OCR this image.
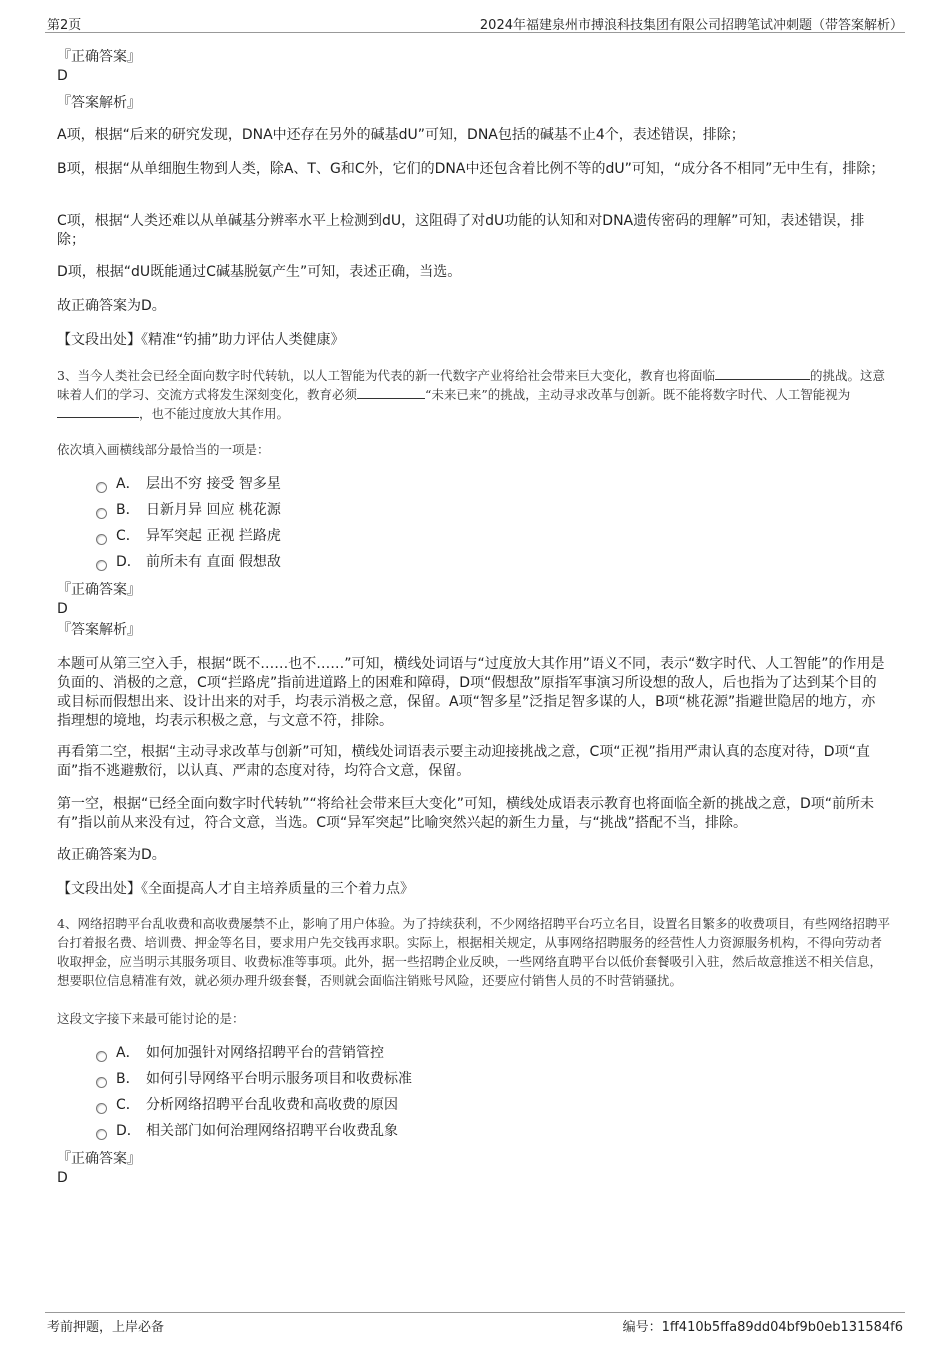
第2页	2024年福建泉州市搏浪科技集团有限公司招聘笔试冲刺题（带答案解析）
『正确答案』
D
『答案解析』
A项，根据“后来的研究发现，DNA中还存在另外的碱基dU”可知，DNA包括的碱基不止4个，表述错误，排除；
B项，根据“从单细胞生物到人类，除A、T、G和C外，它们的DNA中还包含着比例不等的dU”可知，“成分各不相同”无中生有，排除；
C项，根据“人类还难以从单碱基分辨率水平上检测到dU，这阻碍了对dU功能的认知和对DNA遗传密码的理解”可知，表述错误，排除；
D项，根据“dU既能通过C碱基脱氨产生”可知，表述正确，当选。
故正确答案为D。
【文段出处】《精准“钓捕”助力评估人类健康》
3、当今人类社会已经全面向数字时代转轨，以人工智能为代表的新一代数字产业将给社会带来巨大变化，教育也将面临	的挑战。这意味着人们的学习、交流方式将发生深刻变化，教育必须	“未来已来”的挑战，主动寻求改革与创新。既不能将数字时代、人工智能视为，也不能过度放大其作用。
依次填入画横线部分最恰当的一项是：
A． 层出不穷 接受 智多星
B． 日新月异 回应 桃花源
C． 异军突起 正视 拦路虎
D． 前所未有 直面 假想敌
『正确答案』
D
『答案解析』
本题可从第三空入手，根据“既不……也不……”可知，横线处词语与“过度放大其作用”语义不同，表示“数字时代、人工智能”的作用是负面的、消极的之意，C项“拦路虎”指前进道路上的困难和障碍，D项“假想敌”原指军事演习所设想的敌人，后也指为了达到某个目的或目标而假想出来、设计出来的对手，均表示消极之意，保留。A项“智多星”泛指足智多谋的人，B项“桃花源”指避世隐居的地方，亦指理想的境地，均表示积极之意，与文意不符，排除。
再看第二空，根据“主动寻求改革与创新”可知，横线处词语表示要主动迎接挑战之意，C项“正视”指用严肃认真的态度对待，D项“直面”指不逃避敷衍，以认真、严肃的态度对待，均符合文意，保留。
第一空，根据“已经全面向数字时代转轨”“将给社会带来巨大变化”可知，横线处成语表示教育也将面临全新的挑战之意，D项“前所未有”指以前从来没有过，符合文意，当选。C项“异军突起”比喻突然兴起的新生力量，与“挑战”搭配不当，排除。
故正确答案为D。
【文段出处】《全面提高人才自主培养质量的三个着力点》
4、网络招聘平台乱收费和高收费屡禁不止，影响了用户体验。为了持续获利，不少网络招聘平台巧立名目，设置名目繁多的收费项目，有些网络招聘平台打着报名费、培训费、押金等名目，要求用户先交钱再求职。实际上，根据相关规定，从事网络招聘服务的经营性人力资源服务机构，不得向劳动者收取押金，应当明示其服务项目、收费标准等事项。此外，据一些招聘企业反映，一些网络直聘平台以低价套餐吸引入驻，然后故意推送不相关信息，想要职位信息精准有效，就必须办理升级套餐，否则就会面临注销账号风险，还要应付销售人员的不时营销骚扰。
这段文字接下来最可能讨论的是：
A． 如何加强针对网络招聘平台的营销管控
B． 如何引导网络平台明示服务项目和收费标准
C． 分析网络招聘平台乱收费和高收费的原因
D． 相关部门如何治理网络招聘平台收费乱象
『正确答案』
D
考前押题，上岸必备	编号：1ff410b5ffa89dd04bf9b0eb131584f6
